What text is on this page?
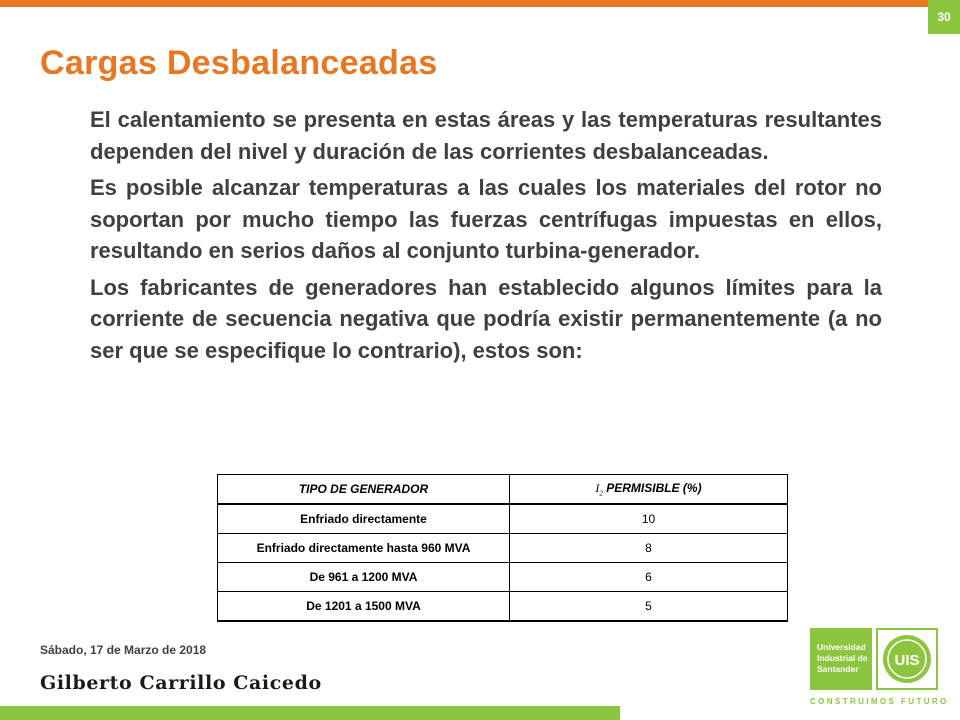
30
Cargas Desbalanceadas

El calentamiento se presenta en estas áreas y las temperaturas resultantes dependen del nivel y duración de las corrientes desbalanceadas.

Es posible alcanzar temperaturas a las cuales los materiales del rotor no soportan por mucho tiempo las fuerzas centrífugas impuestas en ellos, resultando en serios daños al conjunto turbina-generador.

Los fabricantes de generadores han establecido algunos límites para la corriente de secuencia negativa que podría existir permanentemente (a no ser que se especifique lo contrario), estos son:

TIPO DE GENERADOR	$I_2$ PERMISIBLE (%)
Enfriado directamente	10
Enfriado directamente hasta 960 MVA	8
De 961 a 1200 MVA	6
De 1201 a 1500 MVA	5
Sábado, 17 de Marzo de 2018
Gilberto Carrillo Caicedo
Universidad
Industrial de
Santander	UIS
CONSTRUIMOS FUTURO
